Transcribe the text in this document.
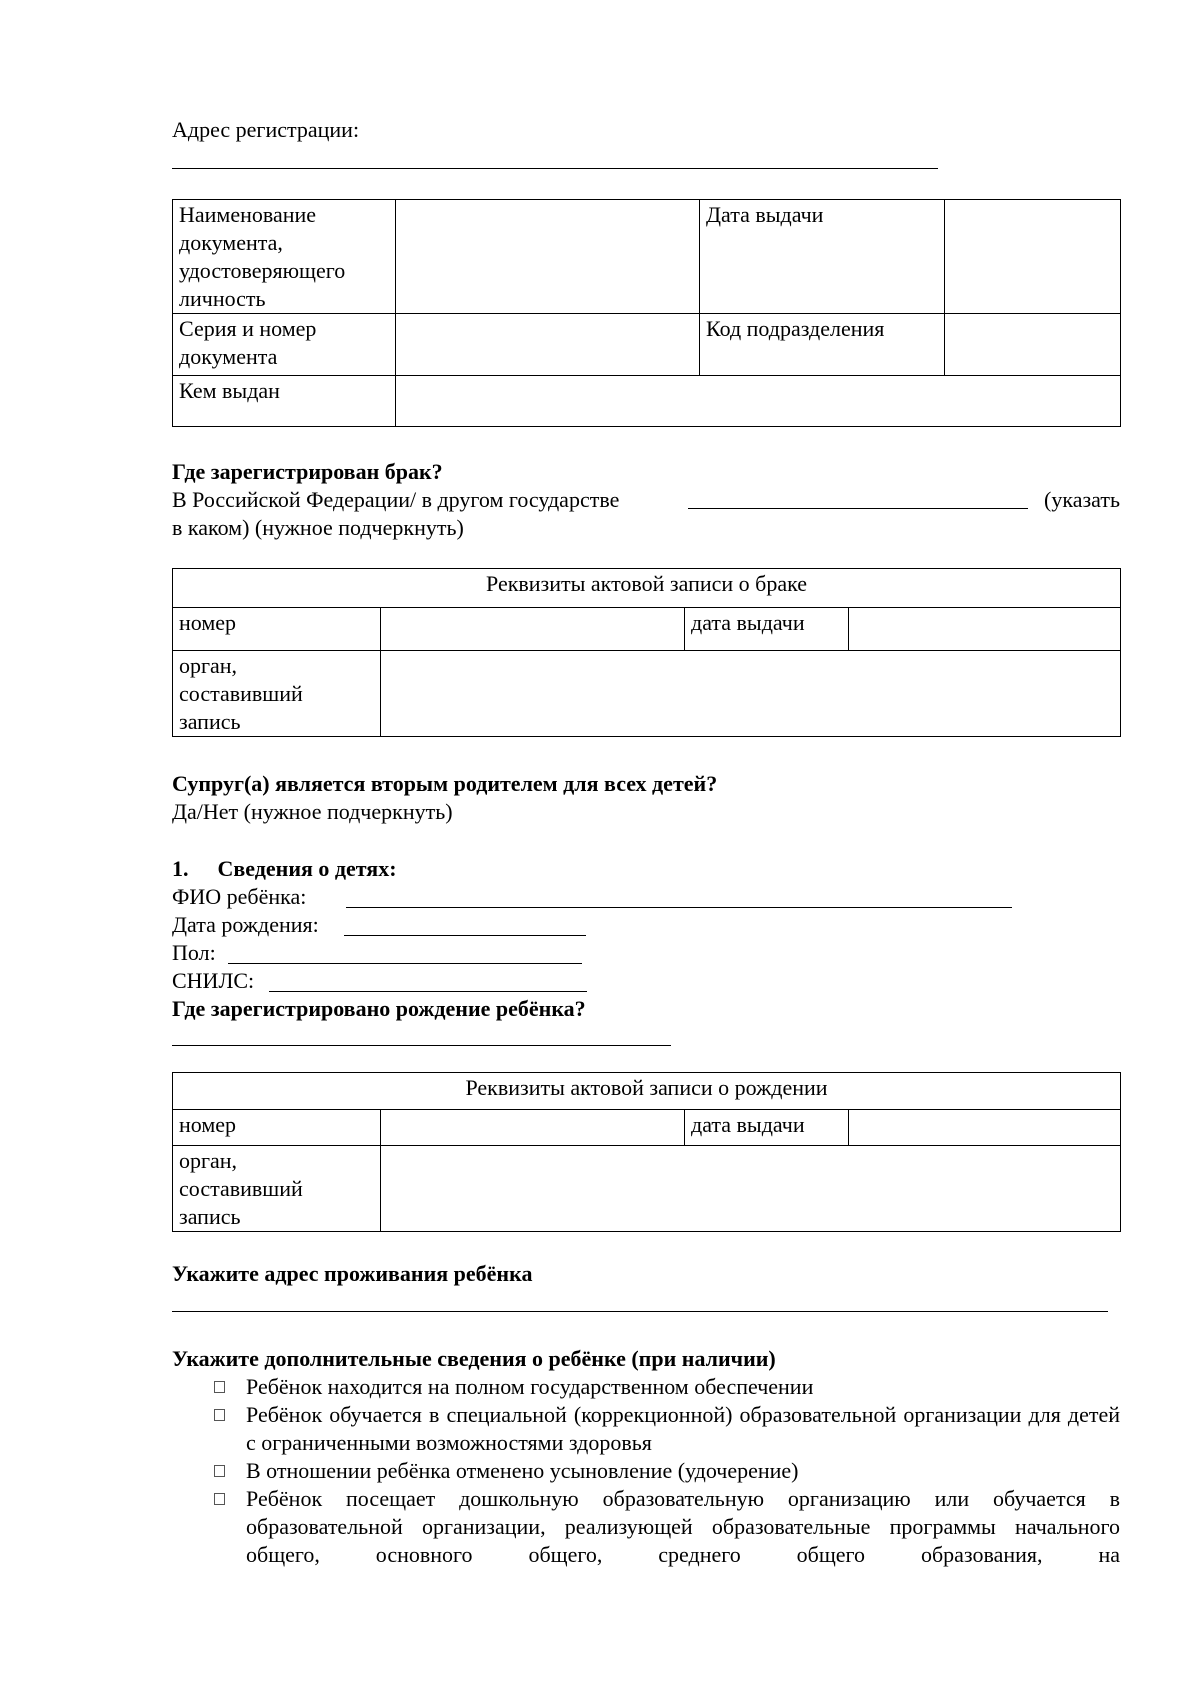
Адрес регистрации:
Наименование документа, удостоверяющего личность		Дата выдачи	
Серия и номер документа		Код подразделения	
Кем выдан			
Где зарегистрирован брак?
В Российской Федерации/ в другом государстве	(указать
в каком) (нужное подчеркнуть)
Реквизиты актовой записи о браке			
номер		дата выдачи	
орган, составивший запись			
Супруг(а) является вторым родителем для всех детей?
Да/Нет (нужное подчеркнуть)
1. Сведения о детях:
ФИО ребёнка:
Дата рождения:
Пол:
СНИЛС:
Где зарегистрировано рождение ребёнка?
Реквизиты актовой записи о рождении			
номер		дата выдачи	
орган, составивший запись			
Укажите адрес проживания ребёнка
Укажите дополнительные сведения о ребёнке (при наличии)
Ребёнок находится на полном государственном обеспечении
Ребёнок обучается в специальной (коррекционной) образовательной организации для детей с ограниченными возможностями здоровья
В отношении ребёнка отменено усыновление (удочерение)
Ребёнок посещает дошкольную образовательную организацию или обучается в образовательной организации, реализующей образовательные программы начального общего, основного общего, среднего общего образования, на
